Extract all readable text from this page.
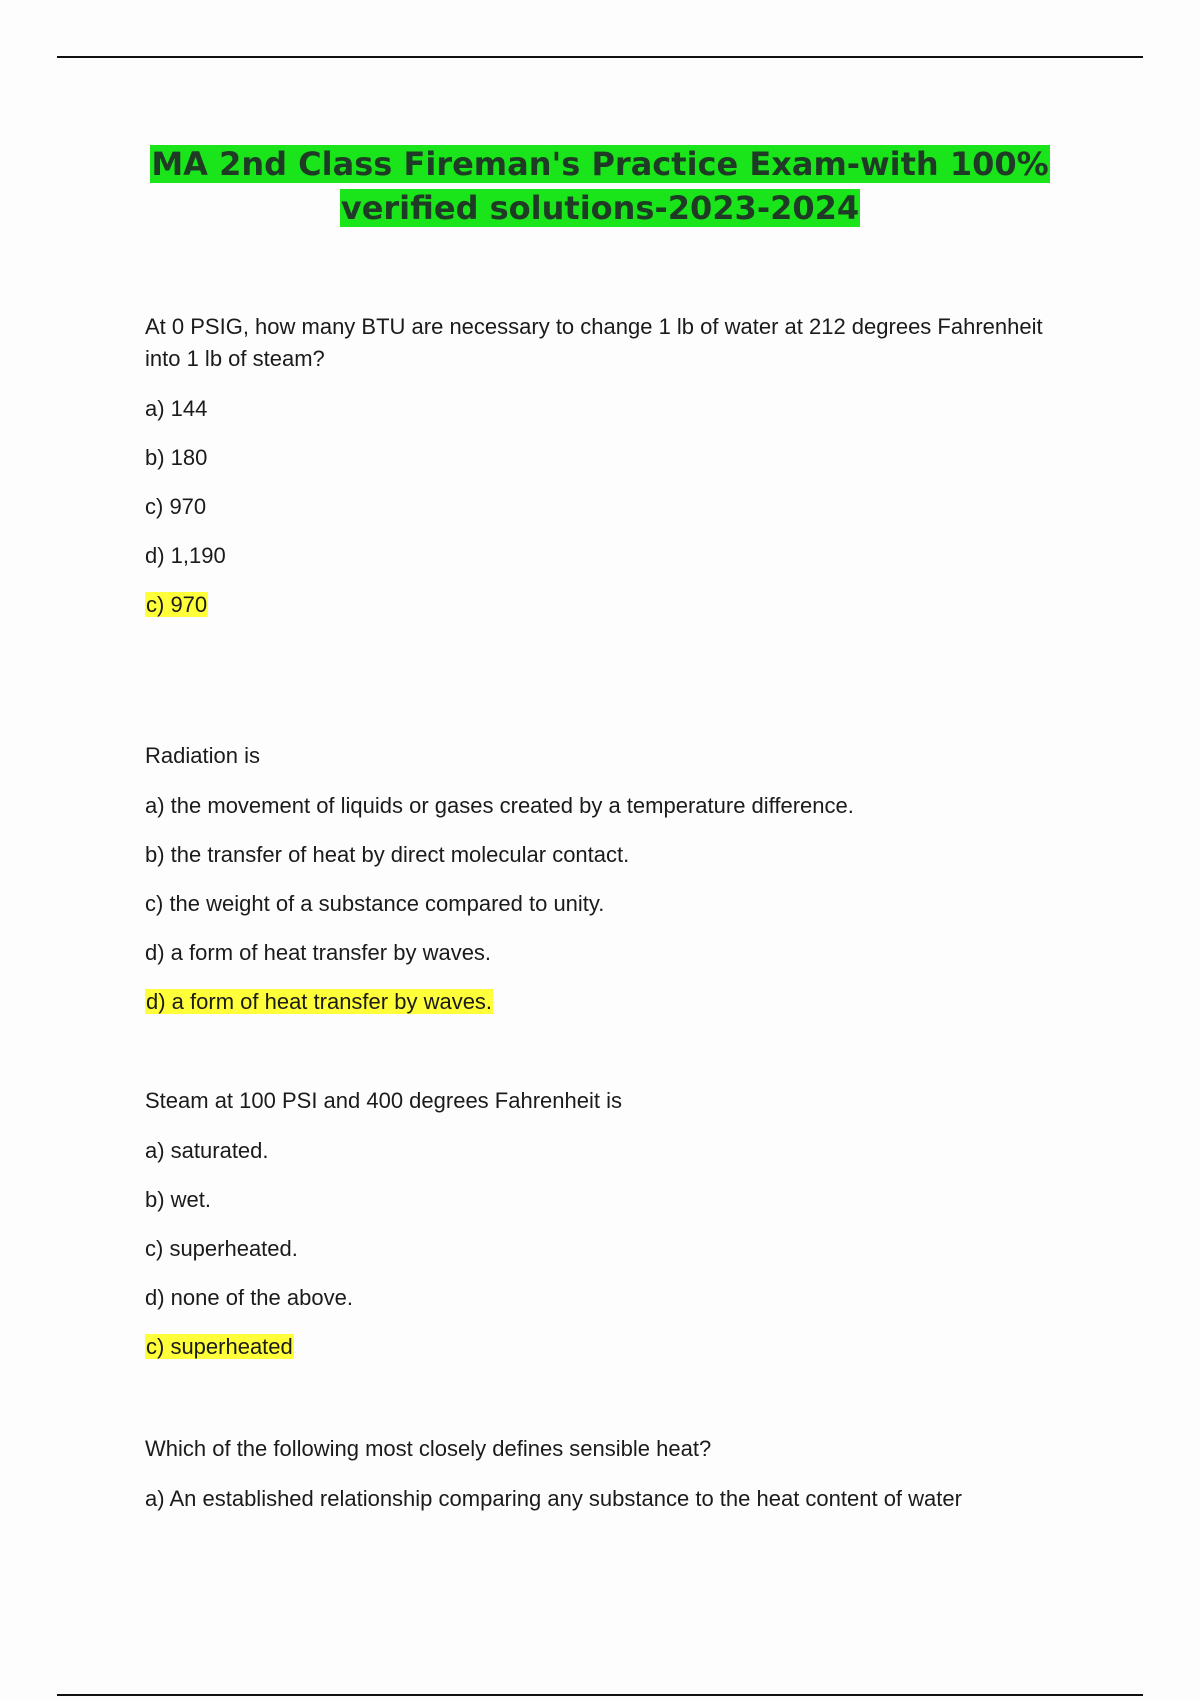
MA 2nd Class Fireman's Practice Exam-with 100% verified solutions-2023-2024

At 0 PSIG, how many BTU are necessary to change 1 lb of water at 212 degrees Fahrenheit into 1 lb of steam?

a) 144
b) 180
c) 970
d) 1,190
c) 970

Radiation is

a) the movement of liquids or gases created by a temperature difference.
b) the transfer of heat by direct molecular contact.
c) the weight of a substance compared to unity.
d) a form of heat transfer by waves.
d) a form of heat transfer by waves.

Steam at 100 PSI and 400 degrees Fahrenheit is

a) saturated.
b) wet.
c) superheated.
d) none of the above.
c) superheated

Which of the following most closely defines sensible heat?

a) An established relationship comparing any substance to the heat content of water
